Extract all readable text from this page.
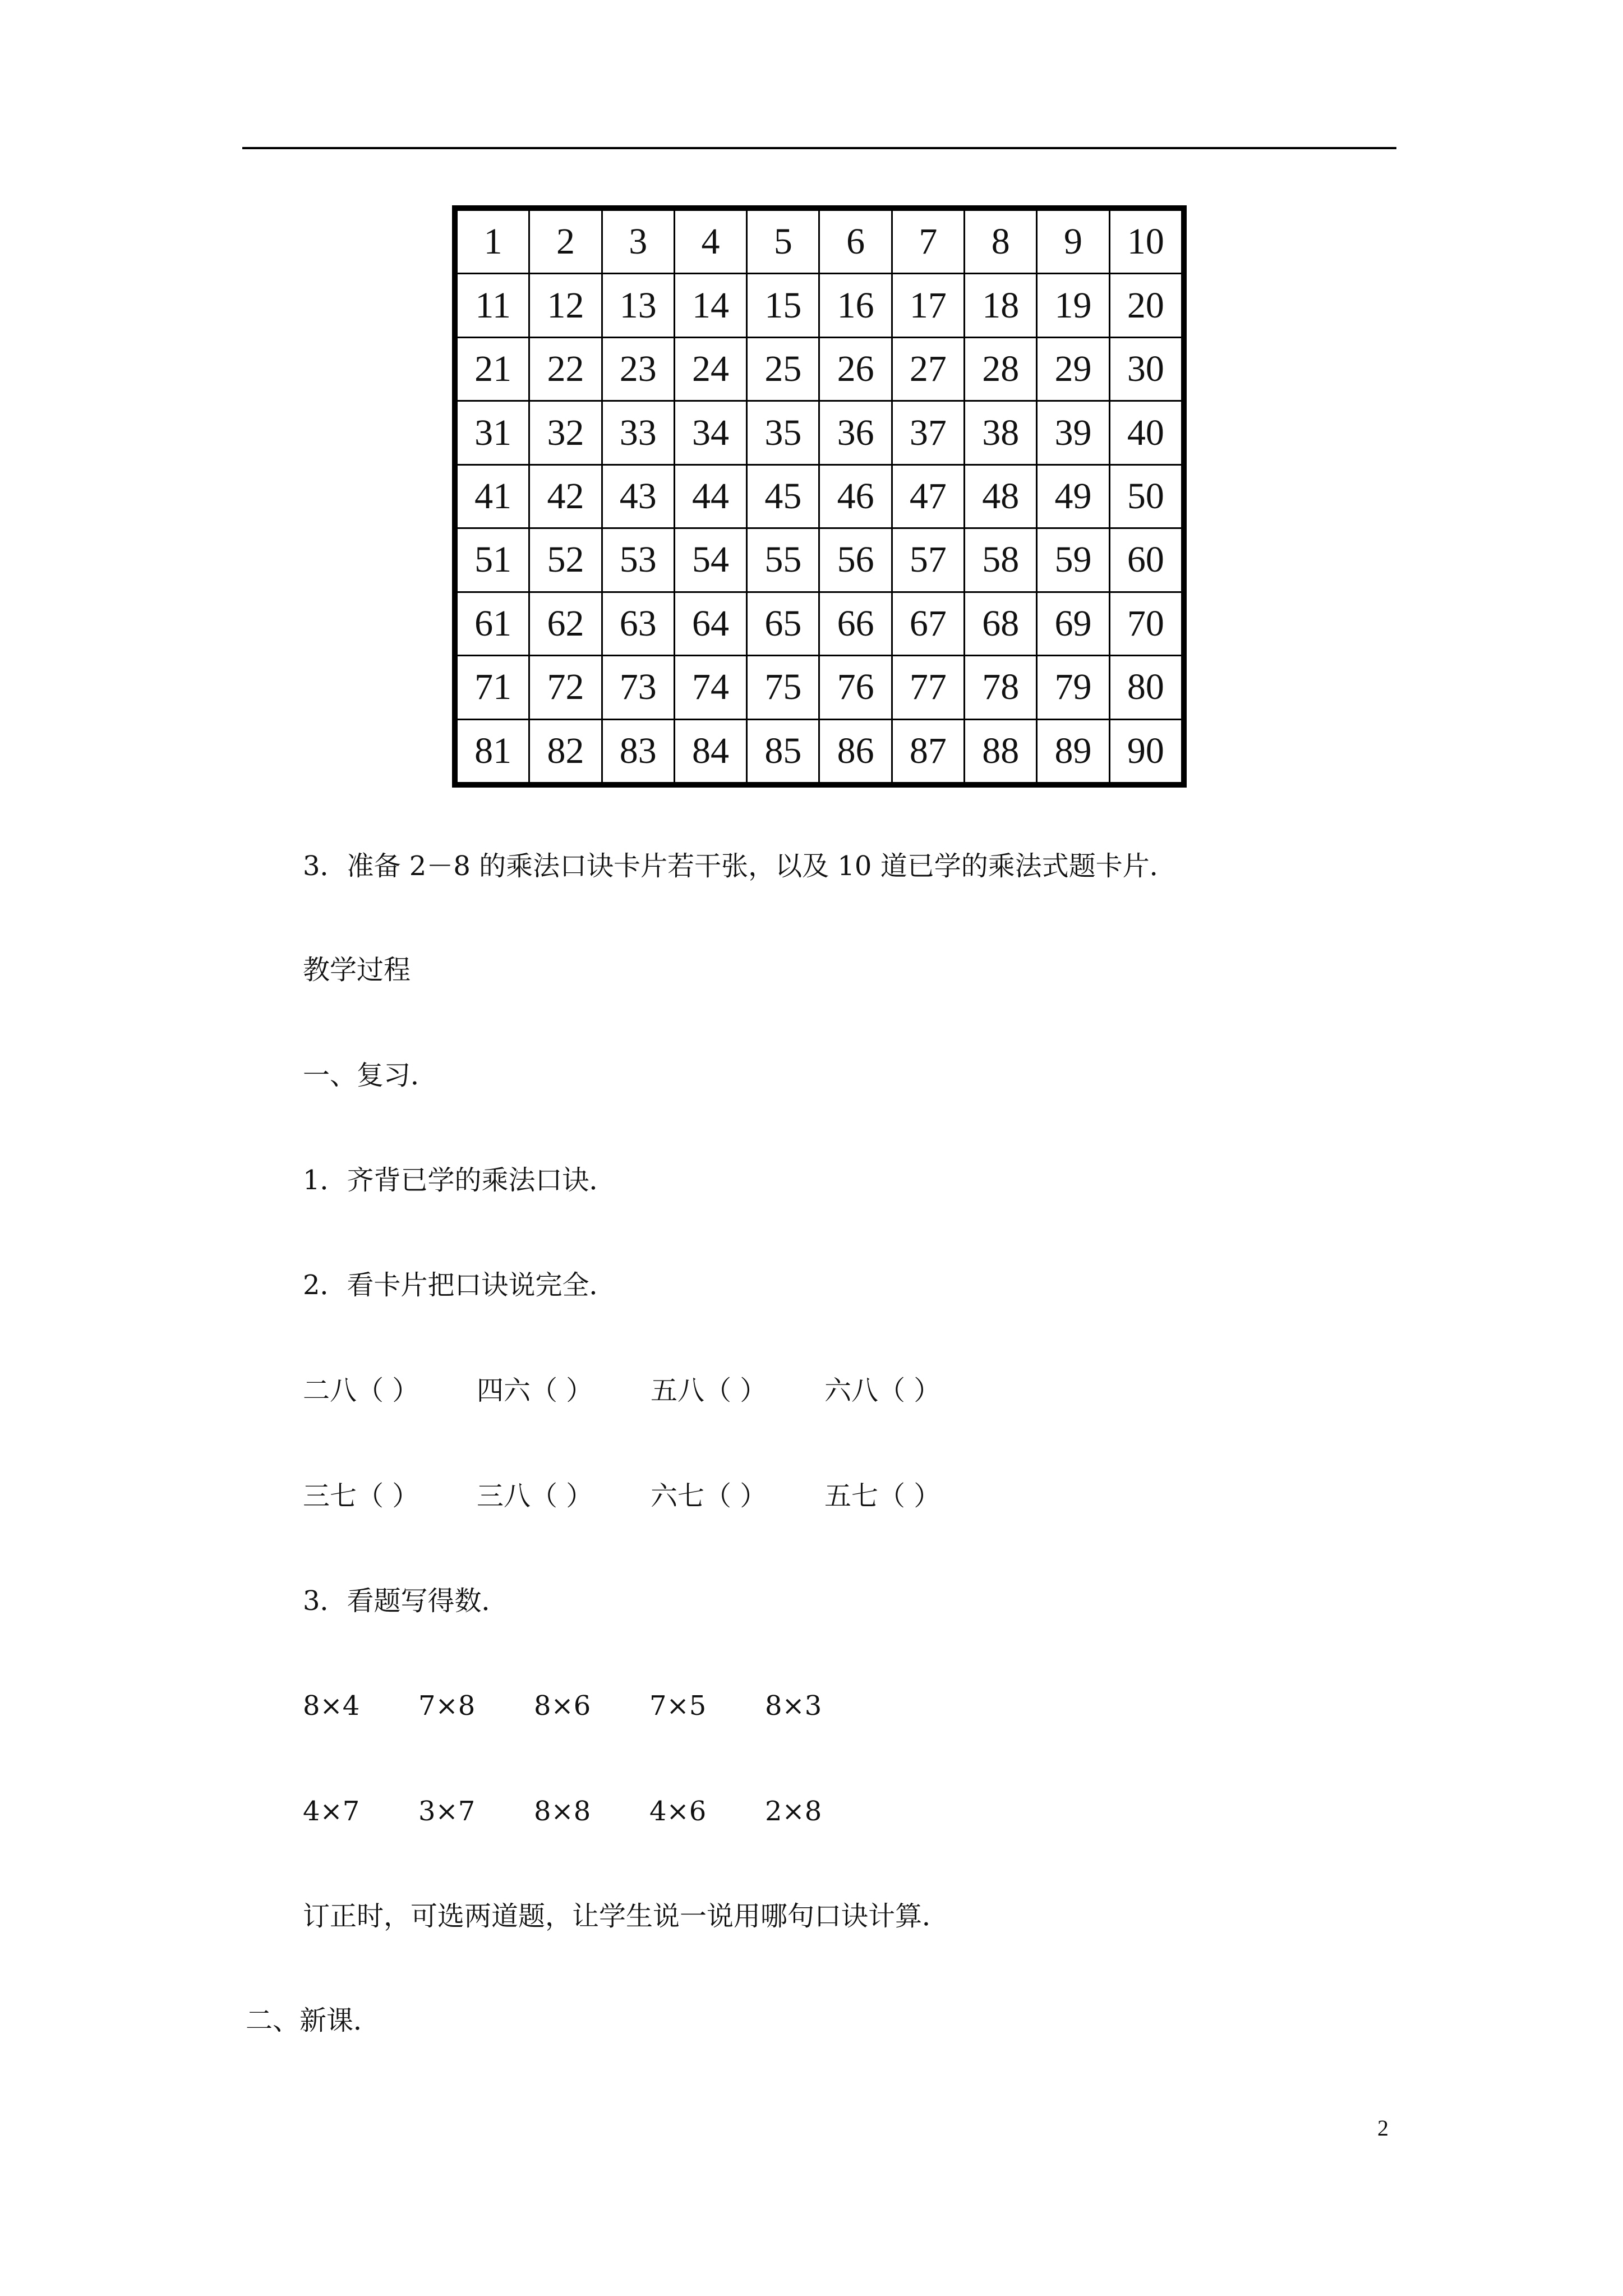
1	2	3	4	5	6	7	8	9	10
11	12	13	14	15	16	17	18	19	20
21	22	23	24	25	26	27	28	29	30
31	32	33	34	35	36	37	38	39	40
41	42	43	44	45	46	47	48	49	50
51	52	53	54	55	56	57	58	59	60
61	62	63	64	65	66	67	68	69	70
71	72	73	74	75	76	77	78	79	80
81	82	83	84	85	86	87	88	89	90
3．准备 2－8 的乘法口诀卡片若干张，以及 10 道已学的乘法式题卡片．
教学过程
一、复习．
1．齐背已学的乘法口诀．
2．看卡片把口诀说完全．
二八（ ）	四六（ ）	五八（ ）	六八（ ）
三七（ ）	三八（ ）	六七（ ）	五七（ ）
3．看题写得数．
8×4	7×8	8×6	7×5	8×3
4×7	3×7	8×8	4×6	2×8
订正时，可选两道题，让学生说一说用哪句口诀计算．
二、新课．
2
